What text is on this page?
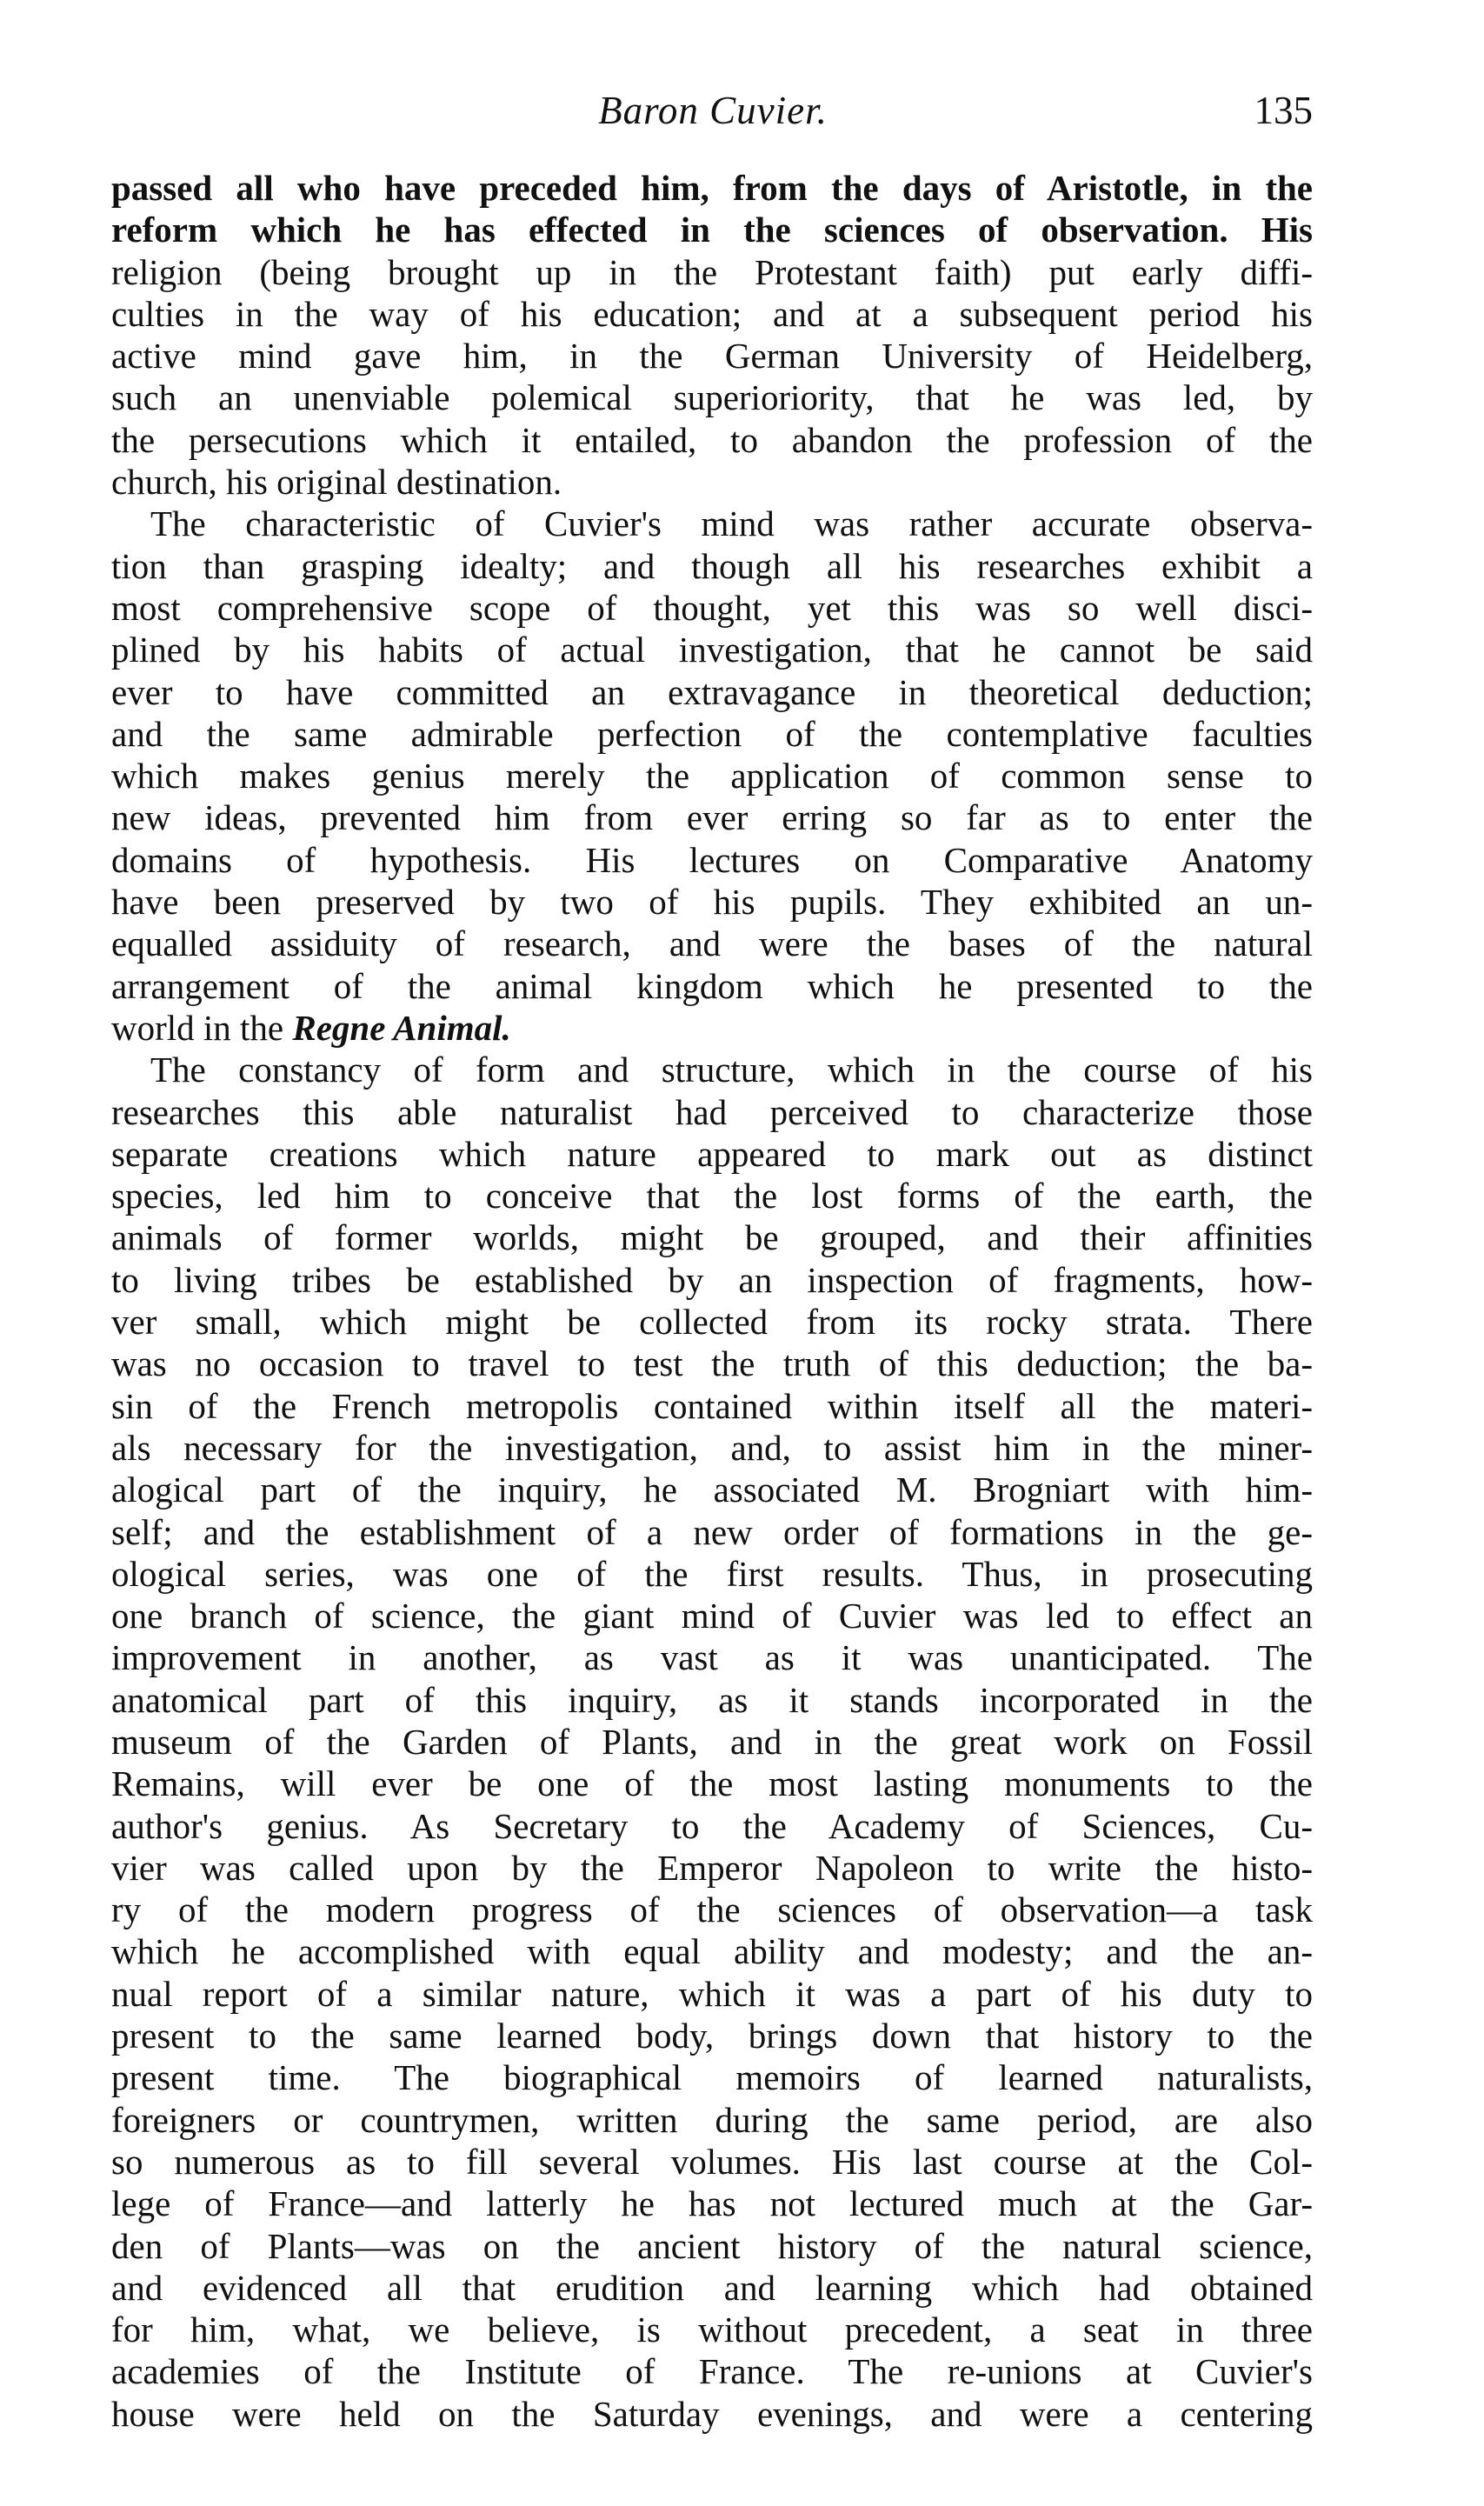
Baron Cuvier.	135
passed all who have preceded him, from the days of Aristotle, in the
reform which he has effected in the sciences of observation. His
religion (being brought up in the Protestant faith) put early diffi-
culties in the way of his education; and at a subsequent period his
active mind gave him, in the German University of Heidelberg,
such an unenviable polemical superioriority, that he was led, by
the persecutions which it entailed, to abandon the profession of the
church, his original destination.
The characteristic of Cuvier's mind was rather accurate observa-
tion than grasping idealty; and though all his researches exhibit a
most comprehensive scope of thought, yet this was so well disci-
plined by his habits of actual investigation, that he cannot be said
ever to have committed an extravagance in theoretical deduction;
and the same admirable perfection of the contemplative faculties
which makes genius merely the application of common sense to
new ideas, prevented him from ever erring so far as to enter the
domains of hypothesis. His lectures on Comparative Anatomy
have been preserved by two of his pupils. They exhibited an un-
equalled assiduity of research, and were the bases of the natural
arrangement of the animal kingdom which he presented to the
world in the Regne Animal.
The constancy of form and structure, which in the course of his
researches this able naturalist had perceived to characterize those
separate creations which nature appeared to mark out as distinct
species, led him to conceive that the lost forms of the earth, the
animals of former worlds, might be grouped, and their affinities
to living tribes be established by an inspection of fragments, how-
ver small, which might be collected from its rocky strata. There
was no occasion to travel to test the truth of this deduction; the ba-
sin of the French metropolis contained within itself all the materi-
als necessary for the investigation, and, to assist him in the miner-
alogical part of the inquiry, he associated M. Brogniart with him-
self; and the establishment of a new order of formations in the ge-
ological series, was one of the first results. Thus, in prosecuting
one branch of science, the giant mind of Cuvier was led to effect an
improvement in another, as vast as it was unanticipated. The
anatomical part of this inquiry, as it stands incorporated in the
museum of the Garden of Plants, and in the great work on Fossil
Remains, will ever be one of the most lasting monuments to the
author's genius. As Secretary to the Academy of Sciences, Cu-
vier was called upon by the Emperor Napoleon to write the histo-
ry of the modern progress of the sciences of observation—a task
which he accomplished with equal ability and modesty; and the an-
nual report of a similar nature, which it was a part of his duty to
present to the same learned body, brings down that history to the
present time. The biographical memoirs of learned naturalists,
foreigners or countrymen, written during the same period, are also
so numerous as to fill several volumes. His last course at the Col-
lege of France—and latterly he has not lectured much at the Gar-
den of Plants—was on the ancient history of the natural science,
and evidenced all that erudition and learning which had obtained
for him, what, we believe, is without precedent, a seat in three
academies of the Institute of France. The re-unions at Cuvier's
house were held on the Saturday evenings, and were a centering
